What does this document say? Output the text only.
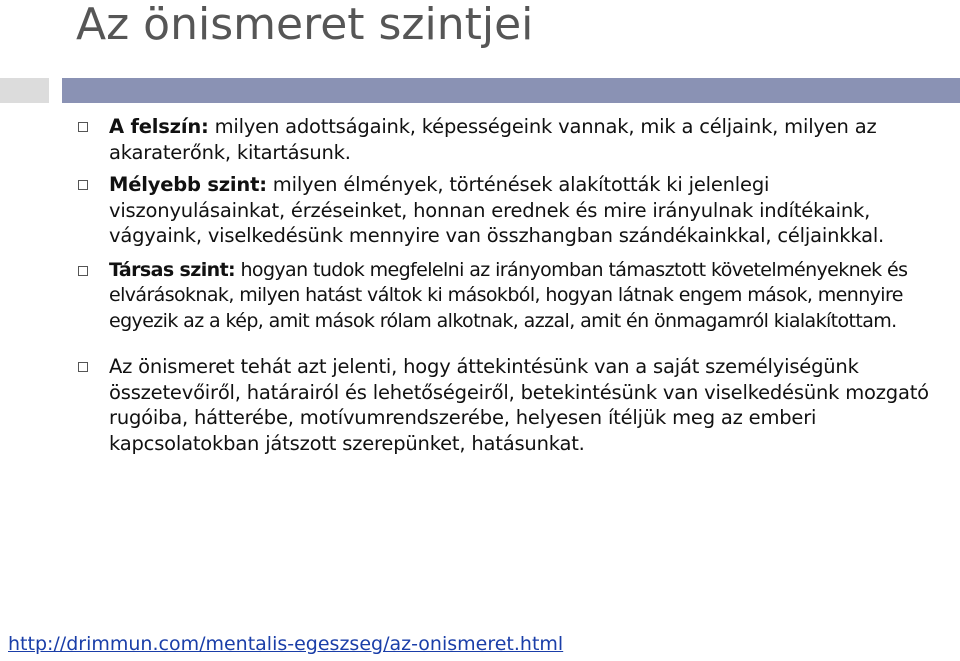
Az önismeret szintjei
A felszín: milyen adottságaink, képességeink vannak, mik a céljaink, milyen az akaraterőnk, kitartásunk.
Mélyebb szint: milyen élmények, történések alakították ki jelenlegi viszonyulásainkat, érzéseinket, honnan erednek és mire irányulnak indítékaink, vágyaink, viselkedésünk mennyire van összhangban szándékainkkal, céljainkkal.
Társas szint: hogyan tudok megfelelni az irányomban támasztott követelményeknek és elvárásoknak, milyen hatást váltok ki másokból, hogyan látnak engem mások, mennyire egyezik az a kép, amit mások rólam alkotnak, azzal, amit én önmagamról kialakítottam.
Az önismeret tehát azt jelenti, hogy áttekintésünk van a saját személyiségünk összetevőiről, határairól és lehetőségeiről, betekintésünk van viselkedésünk mozgató rugóiba, hátterébe, motívumrendszerébe, helyesen ítéljük meg az emberi kapcsolatokban játszott szerepünket, hatásunkat.
http://drimmun.com/mentalis-egeszseg/az-onismeret.html
